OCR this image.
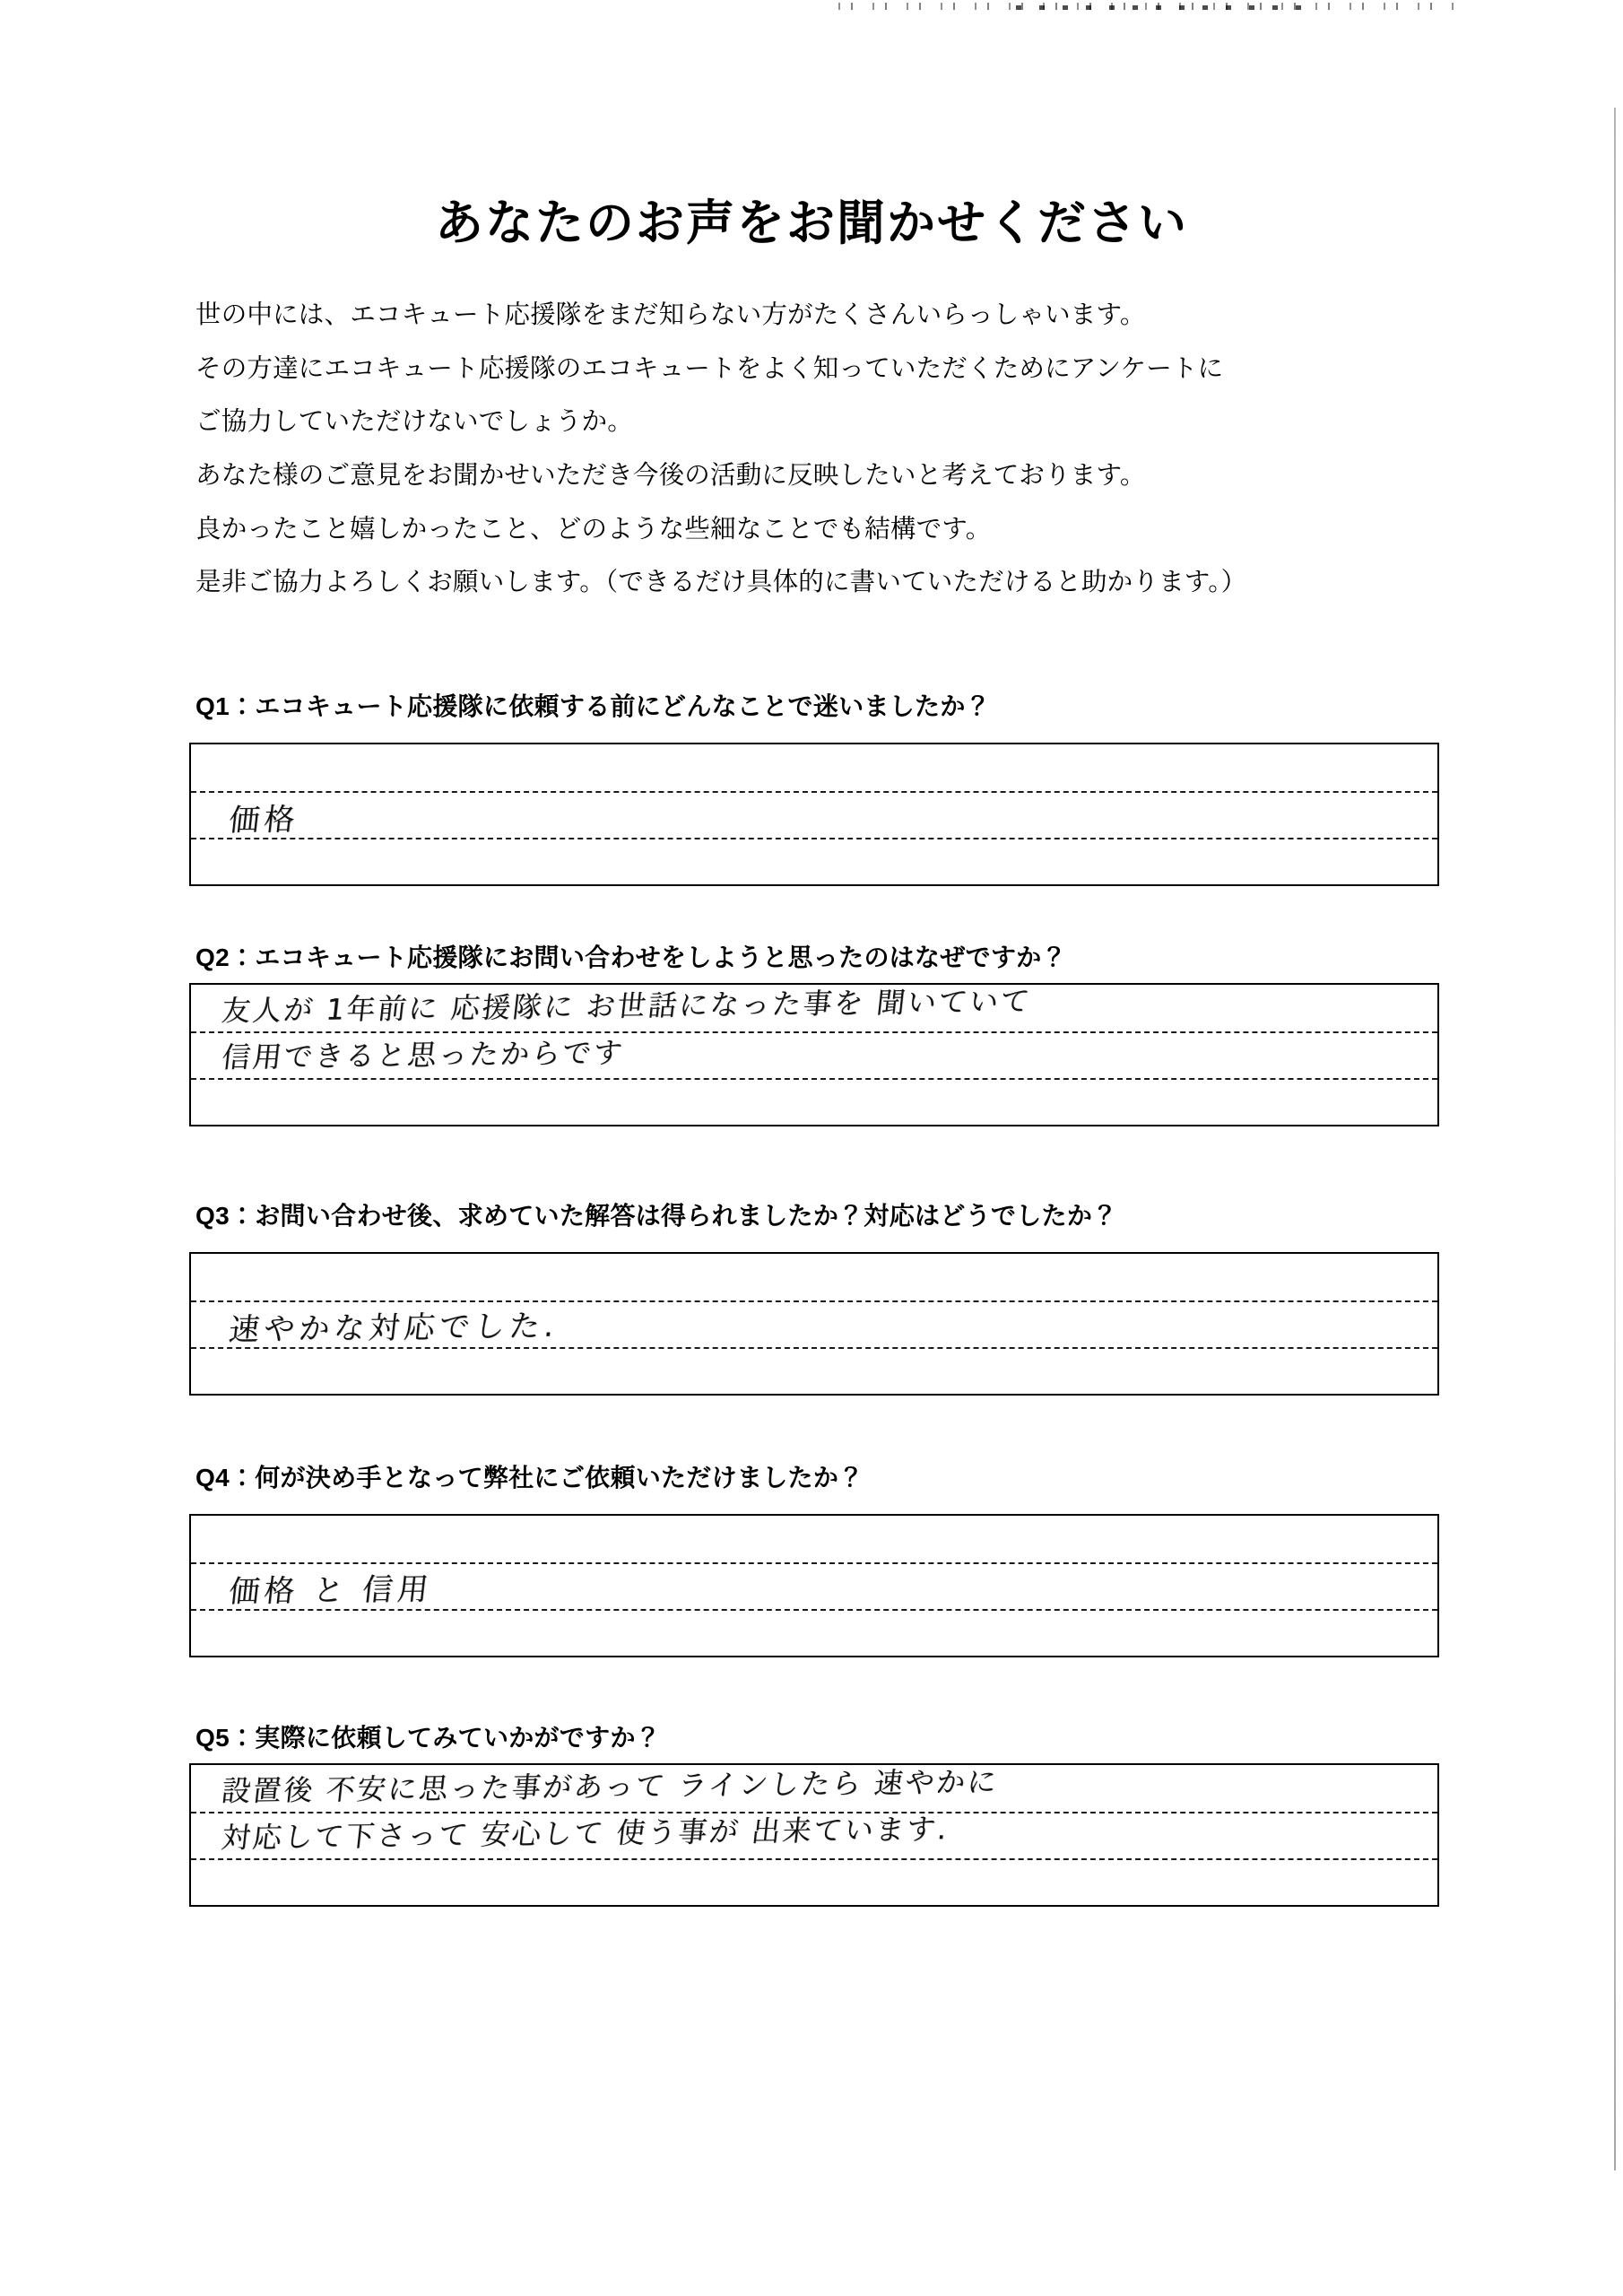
あなたのお声をお聞かせください

世の中には、エコキュート応援隊をまだ知らない方がたくさんいらっしゃいます。

その方達にエコキュート応援隊のエコキュートをよく知っていただくためにアンケートに

ご協力していただけないでしょうか。

あなた様のご意見をお聞かせいただき今後の活動に反映したいと考えております。

良かったこと嬉しかったこと、どのような些細なことでも結構です。

是非ご協力よろしくお願いします。（できるだけ具体的に書いていただけると助かります。）

Q1：エコキュート応援隊に依頼する前にどんなことで迷いましたか？
価格
Q2：エコキュート応援隊にお問い合わせをしようと思ったのはなぜですか？
友人が 1年前に 応援隊に お世話になった事を 聞いていて
信用できると思ったからです
Q3：お問い合わせ後、求めていた解答は得られましたか？対応はどうでしたか？
速やかな対応でした.
Q4：何が決め手となって弊社にご依頼いただけましたか？
価格 と 信用
Q5：実際に依頼してみていかがですか？
設置後 不安に思った事があって ラインしたら 速やかに
対応して下さって 安心して 使う事が 出来ています.
